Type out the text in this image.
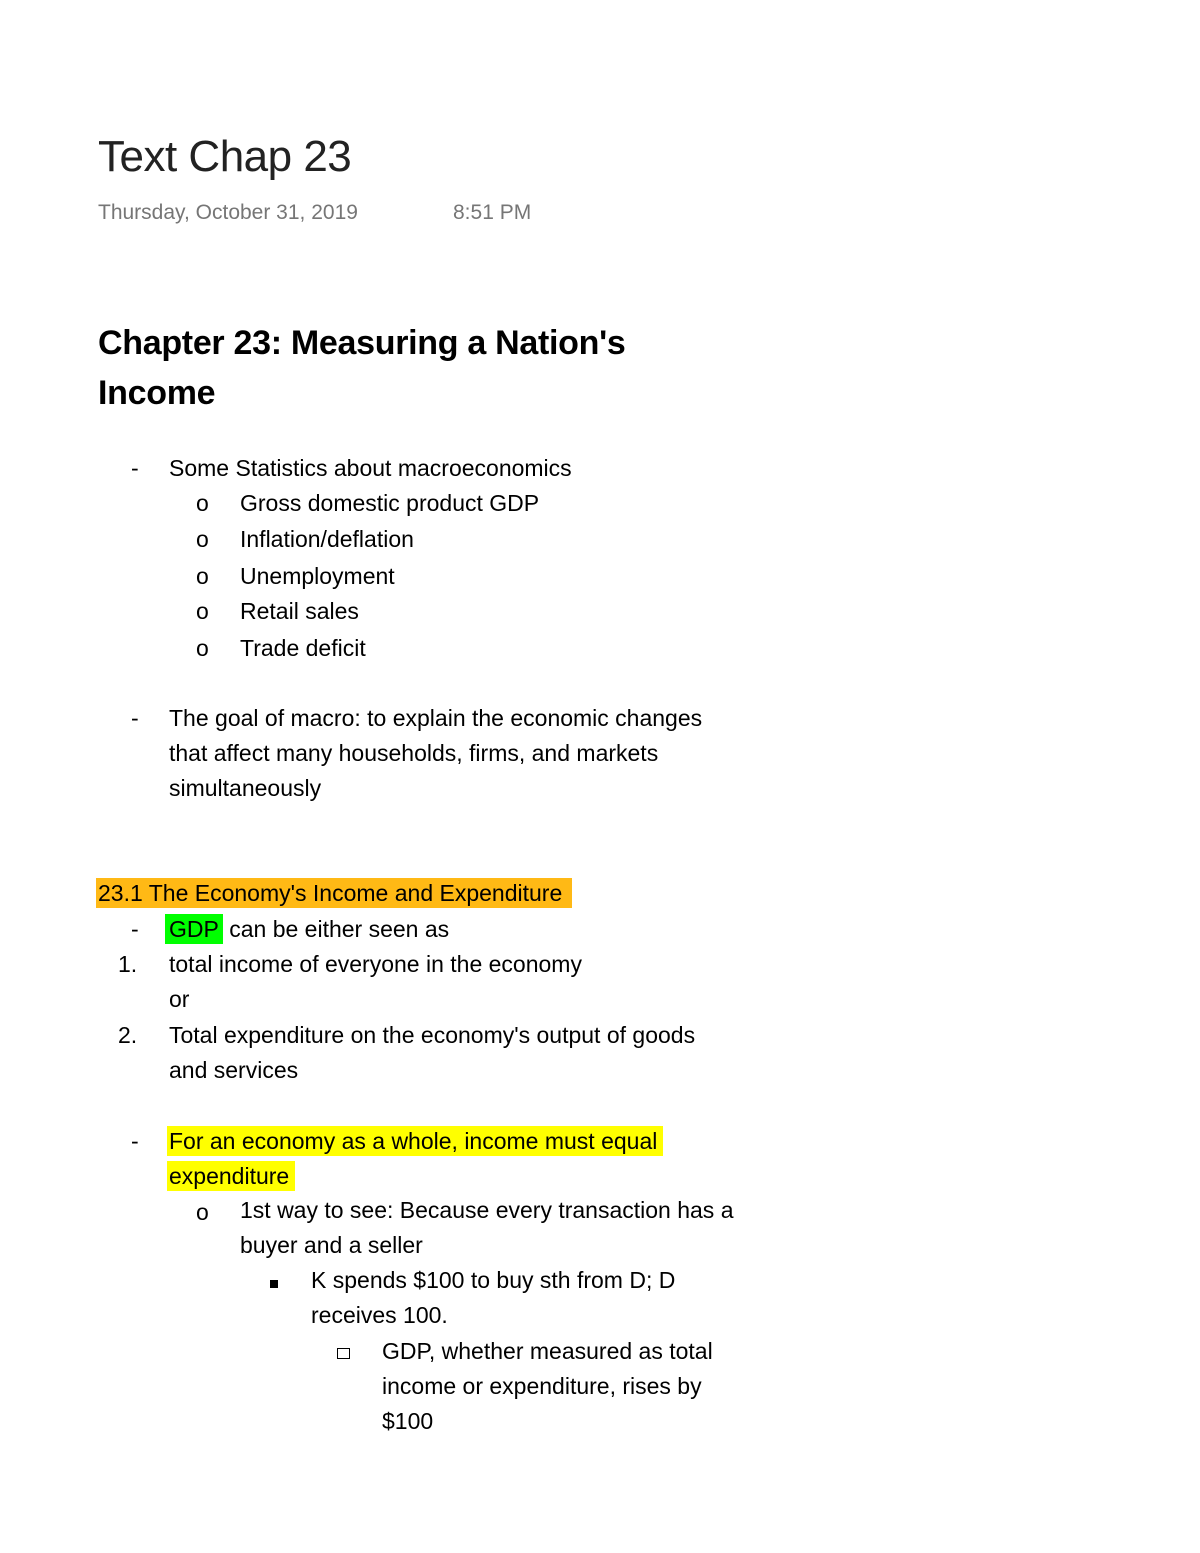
Text Chap 23
Thursday, October 31, 2019	8:51 PM
Chapter 23: Measuring a Nation's
Income
- Some Statistics about macroeconomics
o Gross domestic product GDP
o Inflation/deflation
o Unemployment
o Retail sales
o Trade deficit
- The goal of macro: to explain the economic changes
that affect many households, firms, and markets
simultaneously
23.1 The Economy's Income and Expenditure
- GDP can be either seen as
1. total income of everyone in the economy
or
2. Total expenditure on the economy's output of goods
and services
- For an economy as a whole, income must equal
expenditure
o 1st way to see: Because every transaction has a
buyer and a seller
K spends $100 to buy sth from D; D
receives 100.
GDP, whether measured as total
income or expenditure, rises by
$100
